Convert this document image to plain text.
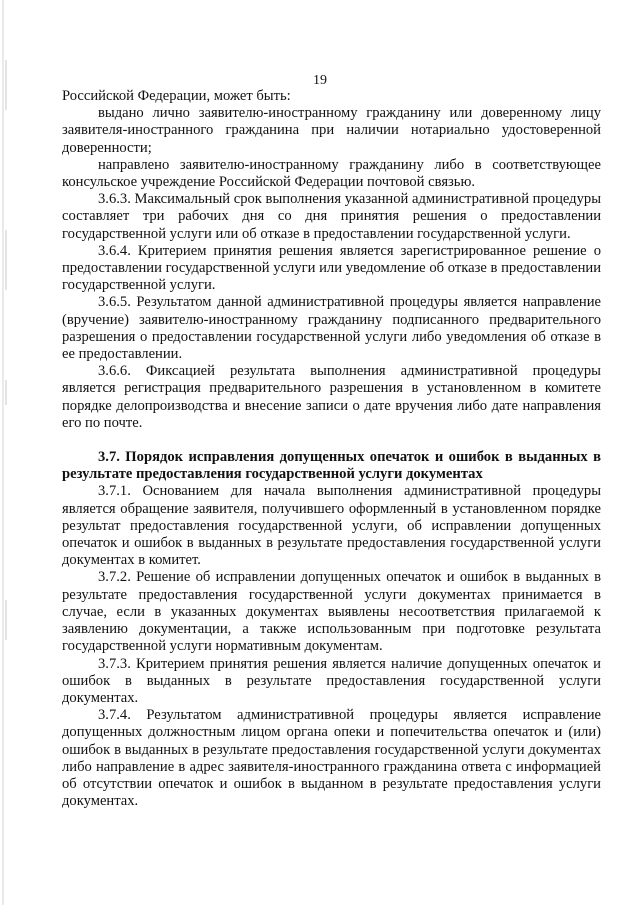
19

Российской Федерации, может быть:

выдано лично заявителю-иностранному гражданину или доверенному лицу заявителя-иностранного гражданина при наличии нотариально удостоверенной доверенности;

направлено заявителю-иностранному гражданину либо в соответствующее консульское учреждение Российской Федерации почтовой связью.

3.6.3. Максимальный срок выполнения указанной административной процедуры составляет три рабочих дня со дня принятия решения о предоставлении государственной услуги или об отказе в предоставлении государственной услуги.

3.6.4. Критерием принятия решения является зарегистрированное решение о предоставлении государственной услуги или уведомление об отказе в предоставлении государственной услуги.

3.6.5. Результатом данной административной процедуры является направление (вручение) заявителю-иностранному гражданину подписанного предварительного разрешения о предоставлении государственной услуги либо уведомления об отказе в ее предоставлении.

3.6.6. Фиксацией результата выполнения административной процедуры является регистрация предварительного разрешения в установленном в комитете порядке делопроизводства и внесение записи о дате вручения либо дате направления его по почте.

3.7. Порядок исправления допущенных опечаток и ошибок в выданных в результате предоставления государственной услуги документах

3.7.1. Основанием для начала выполнения административной процедуры является обращение заявителя, получившего оформленный в установленном порядке результат предоставления государственной услуги, об исправлении допущенных опечаток и ошибок в выданных в результате предоставления государственной услуги документах в комитет.

3.7.2. Решение об исправлении допущенных опечаток и ошибок в выданных в результате предоставления государственной услуги документах принимается в случае, если в указанных документах выявлены несоответствия прилагаемой к заявлению документации, а также использованным при подготовке результата государственной услуги нормативным документам.

3.7.3. Критерием принятия решения является наличие допущенных опечаток и ошибок в выданных в результате предоставления государственной услуги документах.

3.7.4. Результатом административной процедуры является исправление допущенных должностным лицом органа опеки и попечительства опечаток и (или) ошибок в выданных в результате предоставления государственной услуги документах либо направление в адрес заявителя-иностранного гражданина ответа с информацией об отсутствии опечаток и ошибок в выданном в результате предоставления услуги документах.
